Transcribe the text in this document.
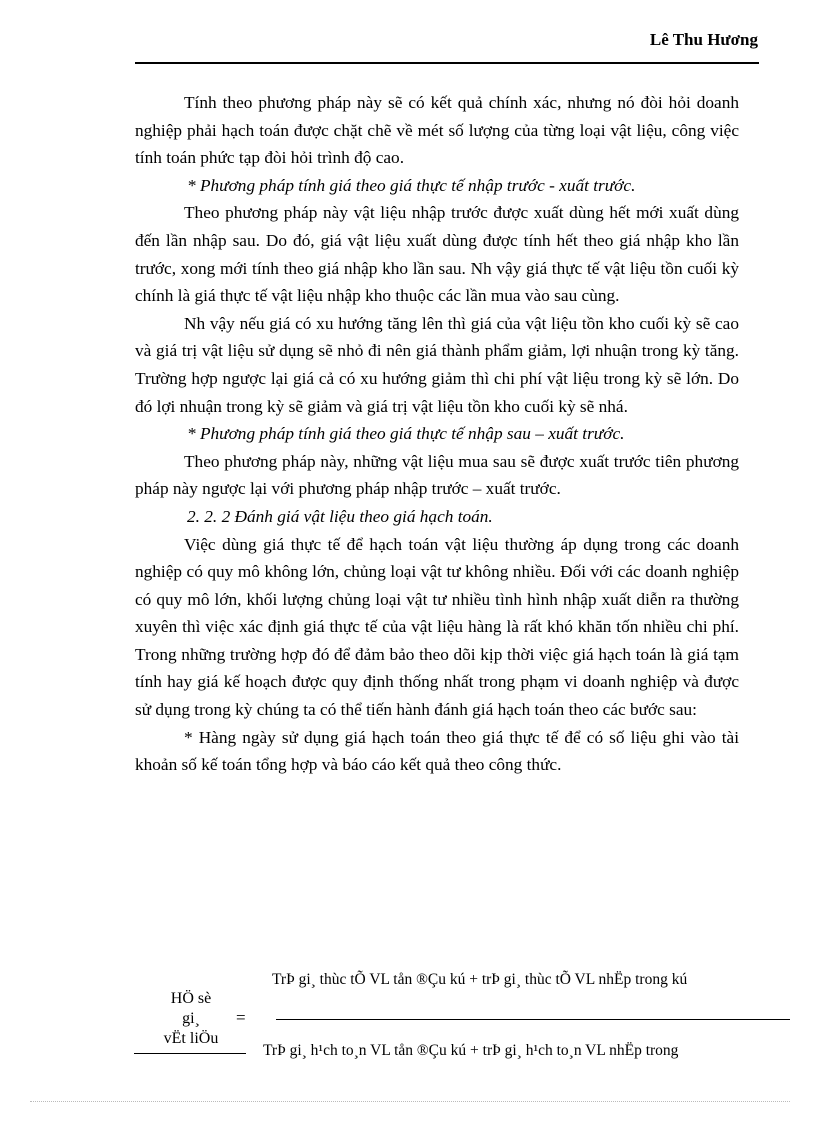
Lê Thu Hương

Tính theo phương pháp này sẽ có kết quả chính xác, nhưng nó đòi hỏi doanh nghiệp phải hạch toán được chặt chẽ về mét số lượng của từng loại vật liệu, công việc tính toán phức tạp đòi hỏi trình độ cao.

* Phương pháp tính giá theo giá thực tế nhập trước - xuất trước.

Theo phương pháp này vật liệu nhập trước được xuất dùng hết mới xuất dùng đến lần nhập sau. Do đó, giá vật liệu xuất dùng được tính hết theo giá nhập kho lần trước, xong mới tính theo giá nhập kho lần sau. Nh vậy giá thực tế vật liệu tồn cuối kỳ chính là giá thực tế vật liệu nhập kho thuộc các lần mua vào sau cùng.

Nh vậy nếu giá có xu hướng tăng lên thì giá của vật liệu tồn kho cuối kỳ sẽ cao và giá trị vật liệu sử dụng sẽ nhỏ đi nên giá thành phẩm giảm, lợi nhuận trong kỳ tăng. Trường hợp ngược lại giá cả có xu hướng giảm thì chi phí vật liệu trong kỳ sẽ lớn. Do đó lợi nhuận trong kỳ sẽ giảm và giá trị vật liệu tồn kho cuối kỳ sẽ nhá.

* Phương pháp tính giá theo giá thực tế nhập sau – xuất trước.

Theo phương pháp này, những vật liệu mua sau sẽ được xuất trước tiên phương pháp này ngược lại với phương pháp nhập trước – xuất trước.

2. 2. 2 Đánh giá vật liệu theo giá hạch toán.

Việc dùng giá thực tế để hạch toán vật liệu thường áp dụng trong các doanh nghiệp có quy mô không lớn, chủng loại vật tư không nhiều. Đối với các doanh nghiệp có quy mô lớn, khối lượng chủng loại vật tư nhiều tình hình nhập xuất diễn ra thường xuyên thì việc xác định giá thực tế của vật liệu hàng là rất khó khăn tốn nhiều chi phí. Trong những trường hợp đó để đảm bảo theo dõi kịp thời việc giá hạch toán là giá tạm tính hay giá kế hoạch được quy định thống nhất trong phạm vi doanh nghiệp và được sử dụng trong kỳ chúng ta có thể tiến hành đánh giá hạch toán theo các bước sau:

* Hàng ngày sử dụng giá hạch toán theo giá thực tế để có số liệu ghi vào tài khoản số kế toán tổng hợp và báo cáo kết quả theo công thức.

HÖ sè
gi¸
vËt liÖu
=
TrÞ gi¸ thùc tÕ VL tån ®Çu kú + trÞ gi¸ thùc tÕ VL nhËp trong kú
TrÞ gi¸ h¹ch to¸n VL tån ®Çu kú + trÞ gi¸ h¹ch to¸n VL nhËp trong
